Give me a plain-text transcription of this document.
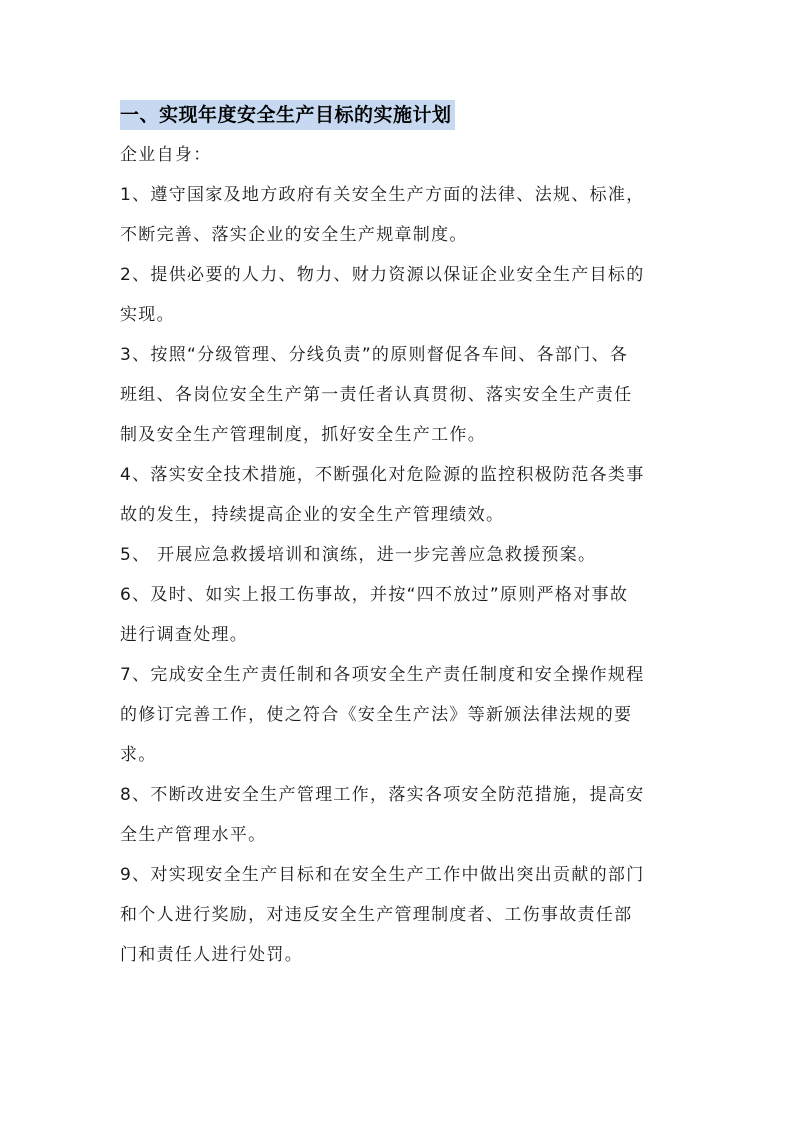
一、实现年度安全生产目标的实施计划
企业自身：
1、遵守国家及地方政府有关安全生产方面的法律、法规、标准，
不断完善、落实企业的安全生产规章制度。
2、提供必要的人力、物力、财力资源以保证企业安全生产目标的
实现。
3、按照“分级管理、分线负责”的原则督促各车间、各部门、各
班组、各岗位安全生产第一责任者认真贯彻、落实安全生产责任
制及安全生产管理制度，抓好安全生产工作。
4、落实安全技术措施，不断强化对危险源的监控积极防范各类事
故的发生，持续提高企业的安全生产管理绩效。
5、 开展应急救援培训和演练，进一步完善应急救援预案。
6、及时、如实上报工伤事故，并按“四不放过”原则严格对事故
进行调查处理。
7、完成安全生产责任制和各项安全生产责任制度和安全操作规程
的修订完善工作，使之符合《安全生产法》等新颁法律法规的要
求。
8、不断改进安全生产管理工作，落实各项安全防范措施，提高安
全生产管理水平。
9、对实现安全生产目标和在安全生产工作中做出突出贡献的部门
和个人进行奖励，对违反安全生产管理制度者、工伤事故责任部
门和责任人进行处罚。
